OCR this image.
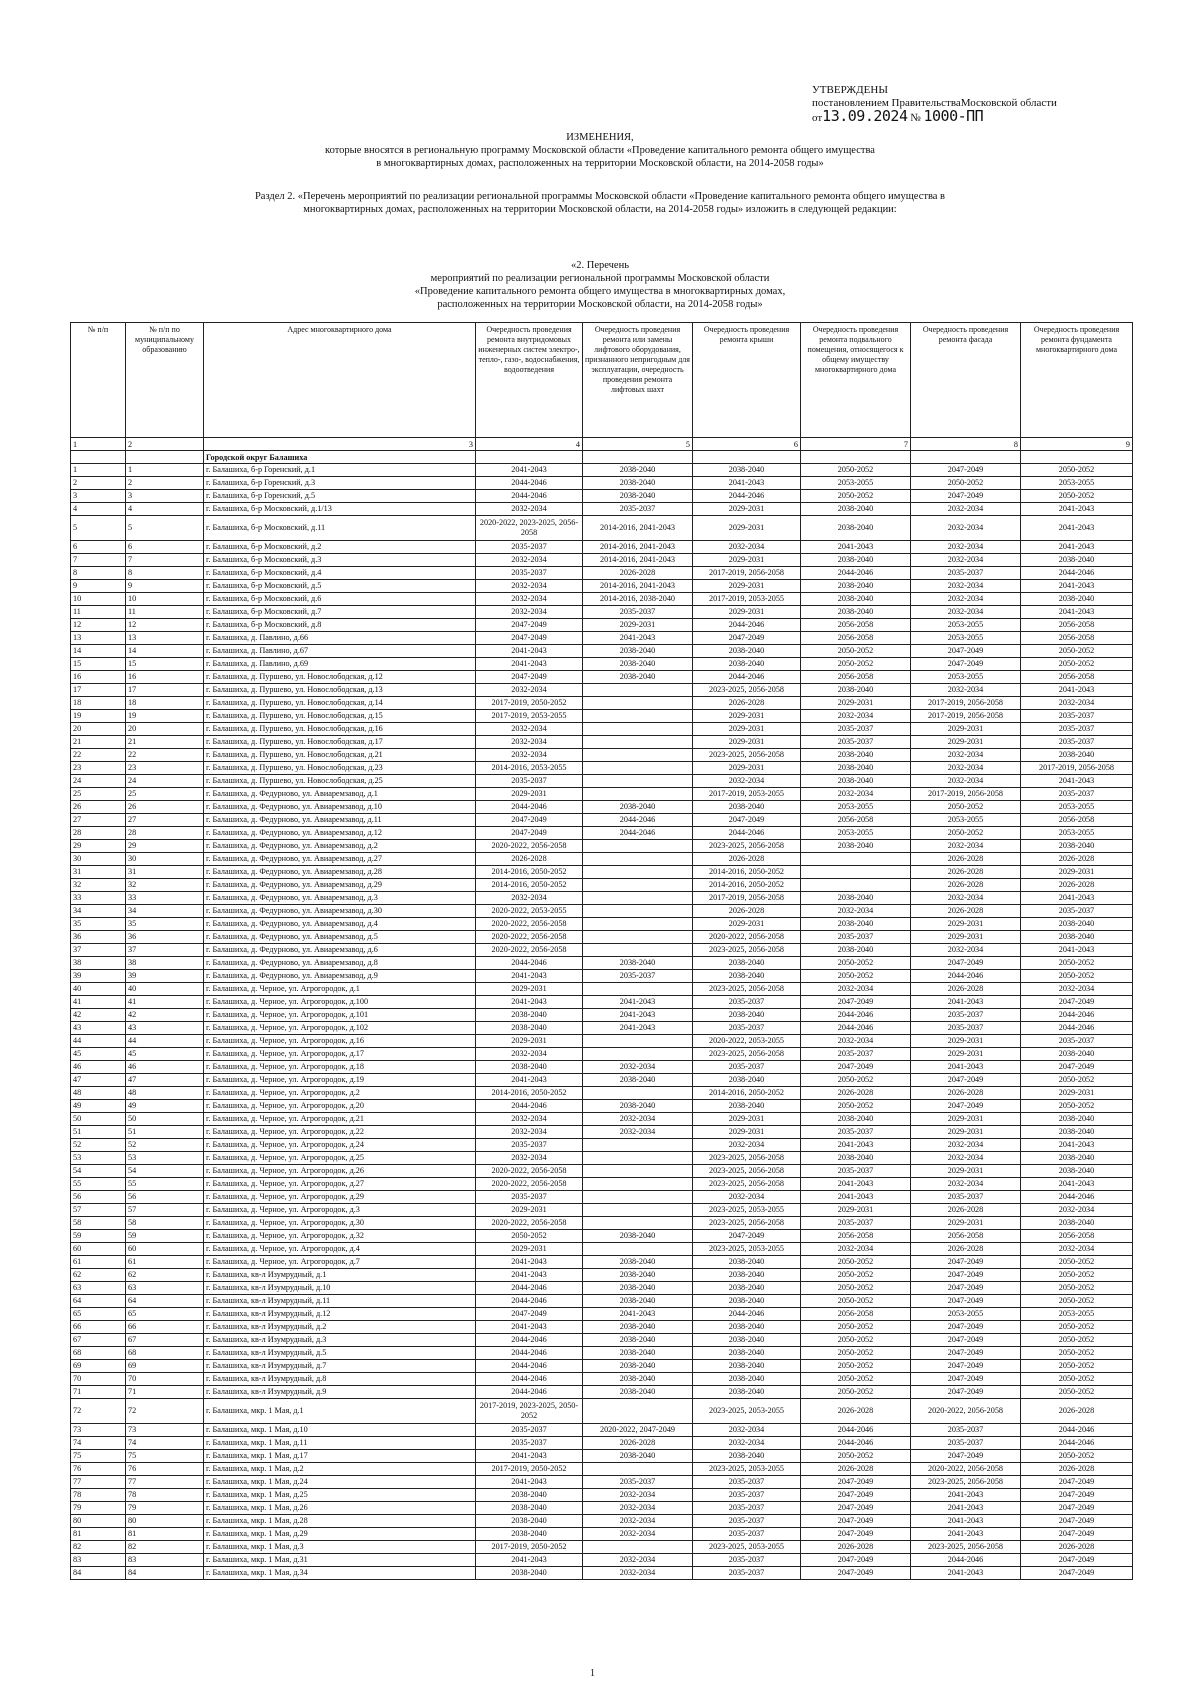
УТВЕРЖДЕНЫ
постановлением ПравительстваМосковской области
от13.09.2024 № 1000-ПП
ИЗМЕНЕНИЯ,
которые вносятся в региональную программу Московской области «Проведение капитального ремонта общего имущества
в многоквартирных домах, расположенных на территории Московской области, на 2014-2058 годы»
Раздел 2. «Перечень мероприятий по реализации региональной программы Московской области «Проведение капитального ремонта общего имущества в
многоквартирных домах, расположенных на территории Московской области, на 2014-2058 годы» изложить в следующей редакции:
«2. Перечень
мероприятий по реализации региональной программы Московской области
«Проведение капитального ремонта общего имущества в многоквартирных домах,
расположенных на территории Московской области, на 2014-2058 годы»
№ п/п	№ п/п по муниципальному образованию	Адрес многоквартирного дома	Очередность проведения ремонта внутридомовых инженерных систем электро-, тепло-, газо-, водоснабжения, водоотведения	Очередность проведения ремонта или замены лифтового оборудования, признанного непригодным для эксплуатации, очередность проведения ремонта лифтовых шахт	Очередность проведения ремонта крыши	Очередность проведения ремонта подвального помещения, относящегося к общему имуществу многоквартирного дома	Очередность проведения ремонта фасада	Очередность проведения ремонта фундамента многоквартирного дома
1	2	3	4	5	6	7	8	9
		Городской округ Балашиха						
1	1	г. Балашиха, б-р Горенский, д.1	2041-2043	2038-2040	2038-2040	2050-2052	2047-2049	2050-2052
2	2	г. Балашиха, б-р Горенский, д.3	2044-2046	2038-2040	2041-2043	2053-2055	2050-2052	2053-2055
3	3	г. Балашиха, б-р Горенский, д.5	2044-2046	2038-2040	2044-2046	2050-2052	2047-2049	2050-2052
4	4	г. Балашиха, б-р Московский, д.1/13	2032-2034	2035-2037	2029-2031	2038-2040	2032-2034	2041-2043
5	5	г. Балашиха, б-р Московский, д.11	2020-2022, 2023-2025, 2056-2058	2014-2016, 2041-2043	2029-2031	2038-2040	2032-2034	2041-2043
6	6	г. Балашиха, б-р Московский, д.2	2035-2037	2014-2016, 2041-2043	2032-2034	2041-2043	2032-2034	2041-2043
7	7	г. Балашиха, б-р Московский, д.3	2032-2034	2014-2016, 2041-2043	2029-2031	2038-2040	2032-2034	2038-2040
8	8	г. Балашиха, б-р Московский, д.4	2035-2037	2026-2028	2017-2019, 2056-2058	2044-2046	2035-2037	2044-2046
9	9	г. Балашиха, б-р Московский, д.5	2032-2034	2014-2016, 2041-2043	2029-2031	2038-2040	2032-2034	2041-2043
10	10	г. Балашиха, б-р Московский, д.6	2032-2034	2014-2016, 2038-2040	2017-2019, 2053-2055	2038-2040	2032-2034	2038-2040
11	11	г. Балашиха, б-р Московский, д.7	2032-2034	2035-2037	2029-2031	2038-2040	2032-2034	2041-2043
12	12	г. Балашиха, б-р Московский, д.8	2047-2049	2029-2031	2044-2046	2056-2058	2053-2055	2056-2058
13	13	г. Балашиха, д. Павлино, д.66	2047-2049	2041-2043	2047-2049	2056-2058	2053-2055	2056-2058
14	14	г. Балашиха, д. Павлино, д.67	2041-2043	2038-2040	2038-2040	2050-2052	2047-2049	2050-2052
15	15	г. Балашиха, д. Павлино, д.69	2041-2043	2038-2040	2038-2040	2050-2052	2047-2049	2050-2052
16	16	г. Балашиха, д. Пуршево, ул. Новослободская, д.12	2047-2049	2038-2040	2044-2046	2056-2058	2053-2055	2056-2058
17	17	г. Балашиха, д. Пуршево, ул. Новослободская, д.13	2032-2034		2023-2025, 2056-2058	2038-2040	2032-2034	2041-2043
18	18	г. Балашиха, д. Пуршево, ул. Новослободская, д.14	2017-2019, 2050-2052		2026-2028	2029-2031	2017-2019, 2056-2058	2032-2034
19	19	г. Балашиха, д. Пуршево, ул. Новослободская, д.15	2017-2019, 2053-2055		2029-2031	2032-2034	2017-2019, 2056-2058	2035-2037
20	20	г. Балашиха, д. Пуршево, ул. Новослободская, д.16	2032-2034		2029-2031	2035-2037	2029-2031	2035-2037
21	21	г. Балашиха, д. Пуршево, ул. Новослободская, д.17	2032-2034		2029-2031	2035-2037	2029-2031	2035-2037
22	22	г. Балашиха, д. Пуршево, ул. Новослободская, д.21	2032-2034		2023-2025, 2056-2058	2038-2040	2032-2034	2038-2040
23	23	г. Балашиха, д. Пуршево, ул. Новослободская, д.23	2014-2016, 2053-2055		2029-2031	2038-2040	2032-2034	2017-2019, 2056-2058
24	24	г. Балашиха, д. Пуршево, ул. Новослободская, д.25	2035-2037		2032-2034	2038-2040	2032-2034	2041-2043
25	25	г. Балашиха, д. Федурново, ул. Авиаремзавод, д.1	2029-2031		2017-2019, 2053-2055	2032-2034	2017-2019, 2056-2058	2035-2037
26	26	г. Балашиха, д. Федурново, ул. Авиаремзавод, д.10	2044-2046	2038-2040	2038-2040	2053-2055	2050-2052	2053-2055
27	27	г. Балашиха, д. Федурново, ул. Авиаремзавод, д.11	2047-2049	2044-2046	2047-2049	2056-2058	2053-2055	2056-2058
28	28	г. Балашиха, д. Федурново, ул. Авиаремзавод, д.12	2047-2049	2044-2046	2044-2046	2053-2055	2050-2052	2053-2055
29	29	г. Балашиха, д. Федурново, ул. Авиаремзавод, д.2	2020-2022, 2056-2058		2023-2025, 2056-2058	2038-2040	2032-2034	2038-2040
30	30	г. Балашиха, д. Федурново, ул. Авиаремзавод, д.27	2026-2028		2026-2028		2026-2028	2026-2028
31	31	г. Балашиха, д. Федурново, ул. Авиаремзавод, д.28	2014-2016, 2050-2052		2014-2016, 2050-2052		2026-2028	2029-2031
32	32	г. Балашиха, д. Федурново, ул. Авиаремзавод, д.29	2014-2016, 2050-2052		2014-2016, 2050-2052		2026-2028	2026-2028
33	33	г. Балашиха, д. Федурново, ул. Авиаремзавод, д.3	2032-2034		2017-2019, 2056-2058	2038-2040	2032-2034	2041-2043
34	34	г. Балашиха, д. Федурново, ул. Авиаремзавод, д.30	2020-2022, 2053-2055		2026-2028	2032-2034	2026-2028	2035-2037
35	35	г. Балашиха, д. Федурново, ул. Авиаремзавод, д.4	2020-2022, 2056-2058		2029-2031	2038-2040	2029-2031	2038-2040
36	36	г. Балашиха, д. Федурново, ул. Авиаремзавод, д.5	2020-2022, 2056-2058		2020-2022, 2056-2058	2035-2037	2029-2031	2038-2040
37	37	г. Балашиха, д. Федурново, ул. Авиаремзавод, д.6	2020-2022, 2056-2058		2023-2025, 2056-2058	2038-2040	2032-2034	2041-2043
38	38	г. Балашиха, д. Федурново, ул. Авиаремзавод, д.8	2044-2046	2038-2040	2038-2040	2050-2052	2047-2049	2050-2052
39	39	г. Балашиха, д. Федурново, ул. Авиаремзавод, д.9	2041-2043	2035-2037	2038-2040	2050-2052	2044-2046	2050-2052
40	40	г. Балашиха, д. Черное, ул. Агрогородок, д.1	2029-2031		2023-2025, 2056-2058	2032-2034	2026-2028	2032-2034
41	41	г. Балашиха, д. Черное, ул. Агрогородок, д.100	2041-2043	2041-2043	2035-2037	2047-2049	2041-2043	2047-2049
42	42	г. Балашиха, д. Черное, ул. Агрогородок, д.101	2038-2040	2041-2043	2038-2040	2044-2046	2035-2037	2044-2046
43	43	г. Балашиха, д. Черное, ул. Агрогородок, д.102	2038-2040	2041-2043	2035-2037	2044-2046	2035-2037	2044-2046
44	44	г. Балашиха, д. Черное, ул. Агрогородок, д.16	2029-2031		2020-2022, 2053-2055	2032-2034	2029-2031	2035-2037
45	45	г. Балашиха, д. Черное, ул. Агрогородок, д.17	2032-2034		2023-2025, 2056-2058	2035-2037	2029-2031	2038-2040
46	46	г. Балашиха, д. Черное, ул. Агрогородок, д.18	2038-2040	2032-2034	2035-2037	2047-2049	2041-2043	2047-2049
47	47	г. Балашиха, д. Черное, ул. Агрогородок, д.19	2041-2043	2038-2040	2038-2040	2050-2052	2047-2049	2050-2052
48	48	г. Балашиха, д. Черное, ул. Агрогородок, д.2	2014-2016, 2050-2052		2014-2016, 2050-2052	2026-2028	2026-2028	2029-2031
49	49	г. Балашиха, д. Черное, ул. Агрогородок, д.20	2044-2046	2038-2040	2038-2040	2050-2052	2047-2049	2050-2052
50	50	г. Балашиха, д. Черное, ул. Агрогородок, д.21	2032-2034	2032-2034	2029-2031	2038-2040	2029-2031	2038-2040
51	51	г. Балашиха, д. Черное, ул. Агрогородок, д.22	2032-2034	2032-2034	2029-2031	2035-2037	2029-2031	2038-2040
52	52	г. Балашиха, д. Черное, ул. Агрогородок, д.24	2035-2037		2032-2034	2041-2043	2032-2034	2041-2043
53	53	г. Балашиха, д. Черное, ул. Агрогородок, д.25	2032-2034		2023-2025, 2056-2058	2038-2040	2032-2034	2038-2040
54	54	г. Балашиха, д. Черное, ул. Агрогородок, д.26	2020-2022, 2056-2058		2023-2025, 2056-2058	2035-2037	2029-2031	2038-2040
55	55	г. Балашиха, д. Черное, ул. Агрогородок, д.27	2020-2022, 2056-2058		2023-2025, 2056-2058	2041-2043	2032-2034	2041-2043
56	56	г. Балашиха, д. Черное, ул. Агрогородок, д.29	2035-2037		2032-2034	2041-2043	2035-2037	2044-2046
57	57	г. Балашиха, д. Черное, ул. Агрогородок, д.3	2029-2031		2023-2025, 2053-2055	2029-2031	2026-2028	2032-2034
58	58	г. Балашиха, д. Черное, ул. Агрогородок, д.30	2020-2022, 2056-2058		2023-2025, 2056-2058	2035-2037	2029-2031	2038-2040
59	59	г. Балашиха, д. Черное, ул. Агрогородок, д.32	2050-2052	2038-2040	2047-2049	2056-2058	2056-2058	2056-2058
60	60	г. Балашиха, д. Черное, ул. Агрогородок, д.4	2029-2031		2023-2025, 2053-2055	2032-2034	2026-2028	2032-2034
61	61	г. Балашиха, д. Черное, ул. Агрогородок, д.7	2041-2043	2038-2040	2038-2040	2050-2052	2047-2049	2050-2052
62	62	г. Балашиха, кв-л Изумрудный, д.1	2041-2043	2038-2040	2038-2040	2050-2052	2047-2049	2050-2052
63	63	г. Балашиха, кв-л Изумрудный, д.10	2044-2046	2038-2040	2038-2040	2050-2052	2047-2049	2050-2052
64	64	г. Балашиха, кв-л Изумрудный, д.11	2044-2046	2038-2040	2038-2040	2050-2052	2047-2049	2050-2052
65	65	г. Балашиха, кв-л Изумрудный, д.12	2047-2049	2041-2043	2044-2046	2056-2058	2053-2055	2053-2055
66	66	г. Балашиха, кв-л Изумрудный, д.2	2041-2043	2038-2040	2038-2040	2050-2052	2047-2049	2050-2052
67	67	г. Балашиха, кв-л Изумрудный, д.3	2044-2046	2038-2040	2038-2040	2050-2052	2047-2049	2050-2052
68	68	г. Балашиха, кв-л Изумрудный, д.5	2044-2046	2038-2040	2038-2040	2050-2052	2047-2049	2050-2052
69	69	г. Балашиха, кв-л Изумрудный, д.7	2044-2046	2038-2040	2038-2040	2050-2052	2047-2049	2050-2052
70	70	г. Балашиха, кв-л Изумрудный, д.8	2044-2046	2038-2040	2038-2040	2050-2052	2047-2049	2050-2052
71	71	г. Балашиха, кв-л Изумрудный, д.9	2044-2046	2038-2040	2038-2040	2050-2052	2047-2049	2050-2052
72	72	г. Балашиха, мкр. 1 Мая, д.1	2017-2019, 2023-2025, 2050-2052		2023-2025, 2053-2055	2026-2028	2020-2022, 2056-2058	2026-2028
73	73	г. Балашиха, мкр. 1 Мая, д.10	2035-2037	2020-2022, 2047-2049	2032-2034	2044-2046	2035-2037	2044-2046
74	74	г. Балашиха, мкр. 1 Мая, д.11	2035-2037	2026-2028	2032-2034	2044-2046	2035-2037	2044-2046
75	75	г. Балашиха, мкр. 1 Мая, д.17	2041-2043	2038-2040	2038-2040	2050-2052	2047-2049	2050-2052
76	76	г. Балашиха, мкр. 1 Мая, д.2	2017-2019, 2050-2052		2023-2025, 2053-2055	2026-2028	2020-2022, 2056-2058	2026-2028
77	77	г. Балашиха, мкр. 1 Мая, д.24	2041-2043	2035-2037	2035-2037	2047-2049	2023-2025, 2056-2058	2047-2049
78	78	г. Балашиха, мкр. 1 Мая, д.25	2038-2040	2032-2034	2035-2037	2047-2049	2041-2043	2047-2049
79	79	г. Балашиха, мкр. 1 Мая, д.26	2038-2040	2032-2034	2035-2037	2047-2049	2041-2043	2047-2049
80	80	г. Балашиха, мкр. 1 Мая, д.28	2038-2040	2032-2034	2035-2037	2047-2049	2041-2043	2047-2049
81	81	г. Балашиха, мкр. 1 Мая, д.29	2038-2040	2032-2034	2035-2037	2047-2049	2041-2043	2047-2049
82	82	г. Балашиха, мкр. 1 Мая, д.3	2017-2019, 2050-2052		2023-2025, 2053-2055	2026-2028	2023-2025, 2056-2058	2026-2028
83	83	г. Балашиха, мкр. 1 Мая, д.31	2041-2043	2032-2034	2035-2037	2047-2049	2044-2046	2047-2049
84	84	г. Балашиха, мкр. 1 Мая, д.34	2038-2040	2032-2034	2035-2037	2047-2049	2041-2043	2047-2049
1
